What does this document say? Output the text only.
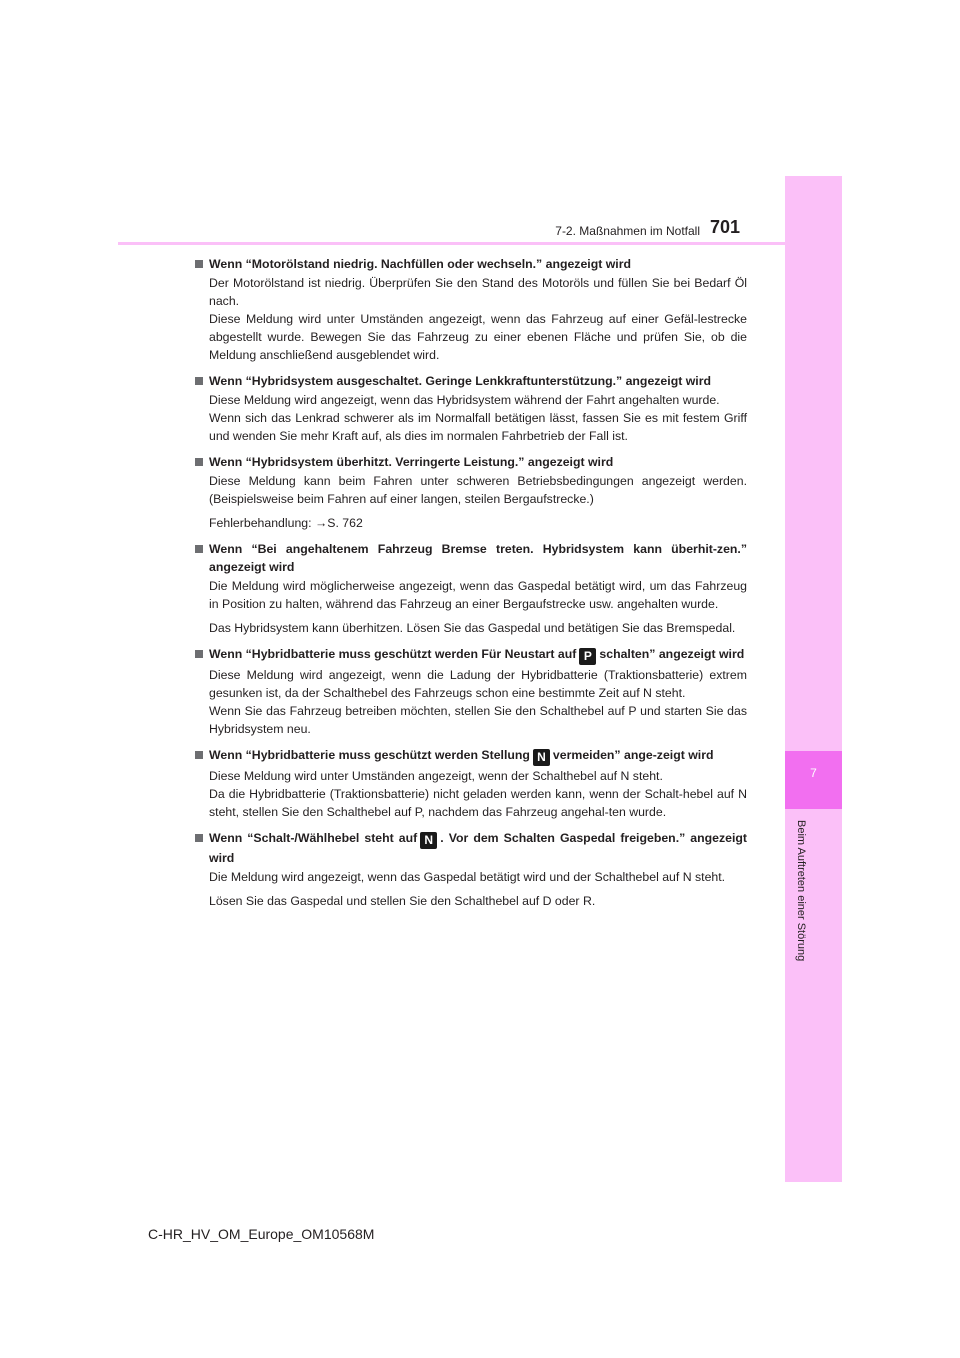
7
Beim Auftreten einer Störung
7-2. Maßnahmen im Notfall 701
Wenn “Motorölstand niedrig. Nachfüllen oder wechseln.” angezeigt wird
Der Motorölstand ist niedrig. Überprüfen Sie den Stand des Motoröls und füllen Sie bei Bedarf Öl nach.
Diese Meldung wird unter Umständen angezeigt, wenn das Fahrzeug auf einer Gefäl-lestrecke abgestellt wurde. Bewegen Sie das Fahrzeug zu einer ebenen Fläche und prüfen Sie, ob die Meldung anschließend ausgeblendet wird.
Wenn “Hybridsystem ausgeschaltet. Geringe Lenkkraftunterstützung.” angezeigt wird
Diese Meldung wird angezeigt, wenn das Hybridsystem während der Fahrt angehalten wurde.
Wenn sich das Lenkrad schwerer als im Normalfall betätigen lässt, fassen Sie es mit festem Griff und wenden Sie mehr Kraft auf, als dies im normalen Fahrbetrieb der Fall ist.
Wenn “Hybridsystem überhitzt. Verringerte Leistung.” angezeigt wird
Diese Meldung kann beim Fahren unter schweren Betriebsbedingungen angezeigt werden. (Beispielsweise beim Fahren auf einer langen, steilen Bergaufstrecke.)
Fehlerbehandlung: →S. 762
Wenn “Bei angehaltenem Fahrzeug Bremse treten. Hybridsystem kann überhit-zen.” angezeigt wird
Die Meldung wird möglicherweise angezeigt, wenn das Gaspedal betätigt wird, um das Fahrzeug in Position zu halten, während das Fahrzeug an einer Bergaufstrecke usw. angehalten wurde.
Das Hybridsystem kann überhitzen. Lösen Sie das Gaspedal und betätigen Sie das Bremspedal.
Wenn “Hybridbatterie muss geschützt werden Für Neustart auf P schalten” angezeigt wird
Diese Meldung wird angezeigt, wenn die Ladung der Hybridbatterie (Traktionsbatterie) extrem gesunken ist, da der Schalthebel des Fahrzeugs schon eine bestimmte Zeit auf N steht.
Wenn Sie das Fahrzeug betreiben möchten, stellen Sie den Schalthebel auf P und starten Sie das Hybridsystem neu.
Wenn “Hybridbatterie muss geschützt werden Stellung N vermeiden” ange-zeigt wird
Diese Meldung wird unter Umständen angezeigt, wenn der Schalthebel auf N steht.
Da die Hybridbatterie (Traktionsbatterie) nicht geladen werden kann, wenn der Schalt-hebel auf N steht, stellen Sie den Schalthebel auf P, nachdem das Fahrzeug angehal-ten wurde.
Wenn “Schalt-/Wählhebel steht auf N . Vor dem Schalten Gaspedal freigeben.” angezeigt wird
Die Meldung wird angezeigt, wenn das Gaspedal betätigt wird und der Schalthebel auf N steht.
Lösen Sie das Gaspedal und stellen Sie den Schalthebel auf D oder R.
C-HR_HV_OM_Europe_OM10568M
